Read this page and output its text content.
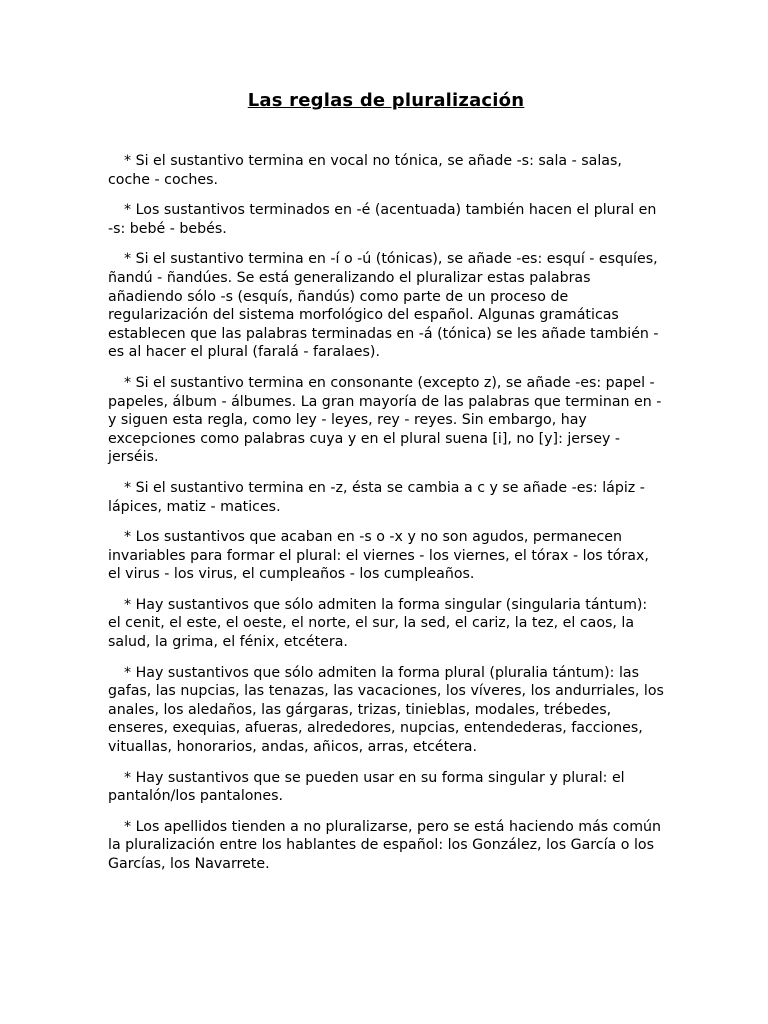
Las reglas de pluralización

* Si el sustantivo termina en vocal no tónica, se añade -s: sala - salas, coche - coches.

* Los sustantivos terminados en -é (acentuada) también hacen el plural en -s: bebé - bebés.

* Si el sustantivo termina en -í o -ú (tónicas), se añade -es: esquí - esquíes, ñandú - ñandúes. Se está generalizando el pluralizar estas palabras añadiendo sólo -s (esquís, ñandús) como parte de un proceso de regularización del sistema morfológico del español. Algunas gramáticas establecen que las palabras terminadas en -á (tónica) se les añade también -es al hacer el plural (faralá - faralaes).

* Si el sustantivo termina en consonante (excepto z), se añade -es: papel - papeles, álbum - álbumes. La gran mayoría de las palabras que terminan en -y siguen esta regla, como ley - leyes, rey - reyes. Sin embargo, hay excepciones como palabras cuya y en el plural suena [i], no [y]: jersey - jerséis.

* Si el sustantivo termina en -z, ésta se cambia a c y se añade -es: lápiz - lápices, matiz - matices.

* Los sustantivos que acaban en -s o -x y no son agudos, permanecen invariables para formar el plural: el viernes - los viernes, el tórax - los tórax, el virus - los virus, el cumpleaños - los cumpleaños.

* Hay sustantivos que sólo admiten la forma singular (singularia tántum): el cenit, el este, el oeste, el norte, el sur, la sed, el cariz, la tez, el caos, la salud, la grima, el fénix, etcétera.

* Hay sustantivos que sólo admiten la forma plural (pluralia tántum): las gafas, las nupcias, las tenazas, las vacaciones, los víveres, los andurriales, los anales, los aledaños, las gárgaras, trizas, tinieblas, modales, trébedes, enseres, exequias, afueras, alrededores, nupcias, entendederas, facciones, vituallas, honorarios, andas, añicos, arras, etcétera.

* Hay sustantivos que se pueden usar en su forma singular y plural: el pantalón/los pantalones.

* Los apellidos tienden a no pluralizarse, pero se está haciendo más común la pluralización entre los hablantes de español: los González, los García o los Garcías, los Navarrete.
